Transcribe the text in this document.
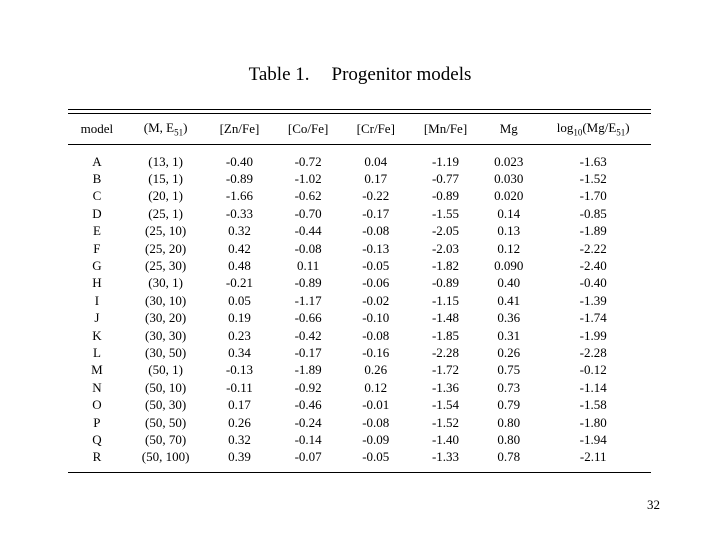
Table 1. Progenitor models
model	(M, $E_{51}$)	[Zn/Fe]	[Co/Fe]	[Cr/Fe]	[Mn/Fe]	Mg	$\log_{10}(Mg/E_{51})$

A	(13, 1)	-0.40	-0.72	0.04	-1.19	0.023	-1.63
B	(15, 1)	-0.89	-1.02	0.17	-0.77	0.030	-1.52
C	(20, 1)	-1.66	-0.62	-0.22	-0.89	0.020	-1.70
D	(25, 1)	-0.33	-0.70	-0.17	-1.55	0.14	-0.85
E	(25, 10)	0.32	-0.44	-0.08	-2.05	0.13	-1.89
F	(25, 20)	0.42	-0.08	-0.13	-2.03	0.12	-2.22
G	(25, 30)	0.48	0.11	-0.05	-1.82	0.090	-2.40
H	(30, 1)	-0.21	-0.89	-0.06	-0.89	0.40	-0.40
I	(30, 10)	0.05	-1.17	-0.02	-1.15	0.41	-1.39
J	(30, 20)	0.19	-0.66	-0.10	-1.48	0.36	-1.74
K	(30, 30)	0.23	-0.42	-0.08	-1.85	0.31	-1.99
L	(30, 50)	0.34	-0.17	-0.16	-2.28	0.26	-2.28
M	(50, 1)	-0.13	-1.89	0.26	-1.72	0.75	-0.12
N	(50, 10)	-0.11	-0.92	0.12	-1.36	0.73	-1.14
O	(50, 30)	0.17	-0.46	-0.01	-1.54	0.79	-1.58
P	(50, 50)	0.26	-0.24	-0.08	-1.52	0.80	-1.80
Q	(50, 70)	0.32	-0.14	-0.09	-1.40	0.80	-1.94
R	(50, 100)	0.39	-0.07	-0.05	-1.33	0.78	-2.11
32
